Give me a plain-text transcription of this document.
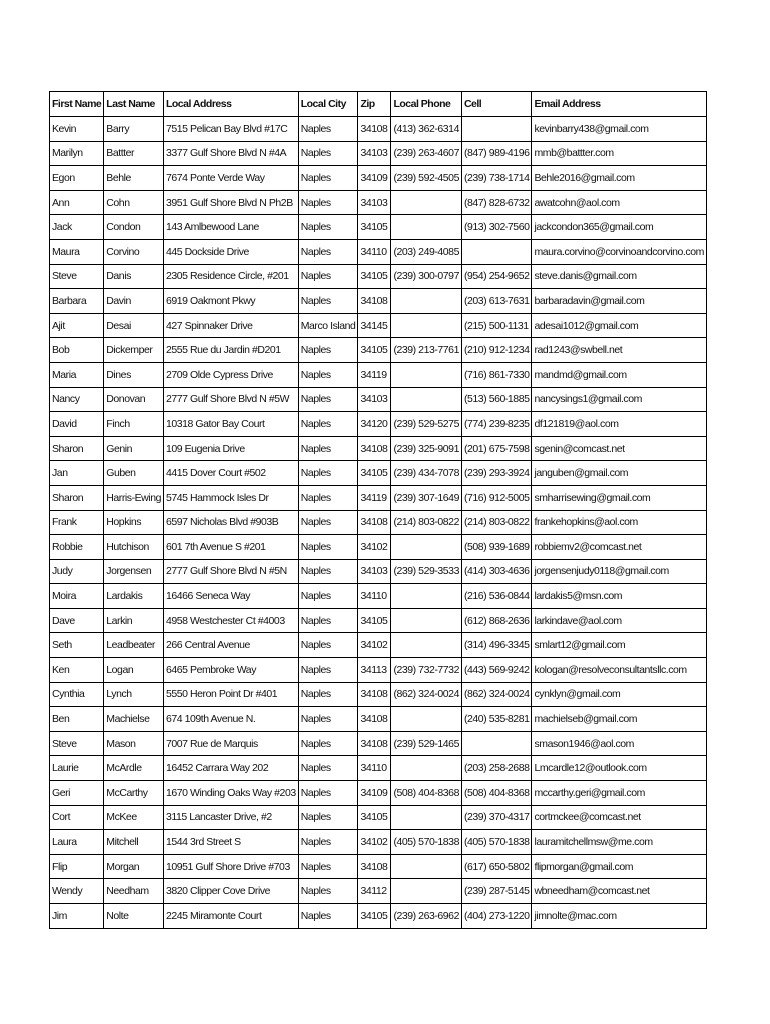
First Name	Last Name	Local Address	Local City	Zip	Local Phone	Cell	Email Address
Kevin	Barry	7515 Pelican Bay Blvd #17C	Naples	34108	(413) 362-6314		kevinbarry438@gmail.com
Marilyn	Battter	3377 Gulf Shore Blvd N #4A	Naples	34103	(239) 263-4607	(847) 989-4196	mmb@battter.com
Egon	Behle	7674 Ponte Verde Way	Naples	34109	(239) 592-4505	(239) 738-1714	Behle2016@gmail.com
Ann	Cohn	3951 Gulf Shore Blvd N Ph2B	Naples	34103		(847) 828-6732	awatcohn@aol.com
Jack	Condon	143 Amlbewood Lane	Naples	34105		(913) 302-7560	jackcondon365@gmail.com
Maura	Corvino	445 Dockside Drive	Naples	34110	(203) 249-4085		maura.corvino@corvinoandcorvino.com
Steve	Danis	2305 Residence Circle, #201	Naples	34105	(239) 300-0797	(954) 254-9652	steve.danis@gmail.com
Barbara	Davin	6919 Oakmont Pkwy	Naples	34108		(203) 613-7631	barbaradavin@gmail.com
Ajit	Desai	427 Spinnaker Drive	Marco Island	34145		(215) 500-1131	adesai1012@gmail.com
Bob	Dickemper	2555 Rue du Jardin #D201	Naples	34105	(239) 213-7761	(210) 912-1234	rad1243@swbell.net
Maria	Dines	2709 Olde Cypress Drive	Naples	34119		(716) 861-7330	mandmd@gmail.com
Nancy	Donovan	2777 Gulf Shore Blvd N #5W	Naples	34103		(513) 560-1885	nancysings1@gmail.com
David	Finch	10318 Gator Bay Court	Naples	34120	(239) 529-5275	(774) 239-8235	df121819@aol.com
Sharon	Genin	109 Eugenia Drive	Naples	34108	(239) 325-9091	(201) 675-7598	sgenin@comcast.net
Jan	Guben	4415 Dover Court #502	Naples	34105	(239) 434-7078	(239) 293-3924	janguben@gmail.com
Sharon	Harris-Ewing	5745 Hammock Isles Dr	Naples	34119	(239) 307-1649	(716) 912-5005	smharrisewing@gmail.com
Frank	Hopkins	6597 Nicholas Blvd #903B	Naples	34108	(214) 803-0822	(214) 803-0822	frankehopkins@aol.com
Robbie	Hutchison	601 7th Avenue S #201	Naples	34102		(508) 939-1689	robbiemv2@comcast.net
Judy	Jorgensen	2777 Gulf Shore Blvd N #5N	Naples	34103	(239) 529-3533	(414) 303-4636	jorgensenjudy0118@gmail.com
Moira	Lardakis	16466 Seneca Way	Naples	34110		(216) 536-0844	lardakis5@msn.com
Dave	Larkin	4958 Westchester Ct #4003	Naples	34105		(612) 868-2636	larkindave@aol.com
Seth	Leadbeater	266 Central Avenue	Naples	34102		(314) 496-3345	smlart12@gmail.com
Ken	Logan	6465 Pembroke Way	Naples	34113	(239) 732-7732	(443) 569-9242	kologan@resolveconsultantsllc.com
Cynthia	Lynch	5550 Heron Point Dr #401	Naples	34108	(862) 324-0024	(862) 324-0024	cynklyn@gmail.com
Ben	Machielse	674 109th Avenue N.	Naples	34108		(240) 535-8281	machielseb@gmail.com
Steve	Mason	7007 Rue de Marquis	Naples	34108	(239) 529-1465		smason1946@aol.com
Laurie	McArdle	16452 Carrara Way 202	Naples	34110		(203) 258-2688	Lmcardle12@outlook.com
Geri	McCarthy	1670 Winding Oaks Way #203	Naples	34109	(508) 404-8368	(508) 404-8368	mccarthy.geri@gmail.com
Cort	McKee	3115 Lancaster Drive, #2	Naples	34105		(239) 370-4317	cortmckee@comcast.net
Laura	Mitchell	1544 3rd Street S	Naples	34102	(405) 570-1838	(405) 570-1838	lauramitchellmsw@me.com
Flip	Morgan	10951 Gulf Shore Drive #703	Naples	34108		(617) 650-5802	flipmorgan@gmail.com
Wendy	Needham	3820 Clipper Cove Drive	Naples	34112		(239) 287-5145	wbneedham@comcast.net
Jim	Nolte	2245 Miramonte Court	Naples	34105	(239) 263-6962	(404) 273-1220	jimnolte@mac.com
